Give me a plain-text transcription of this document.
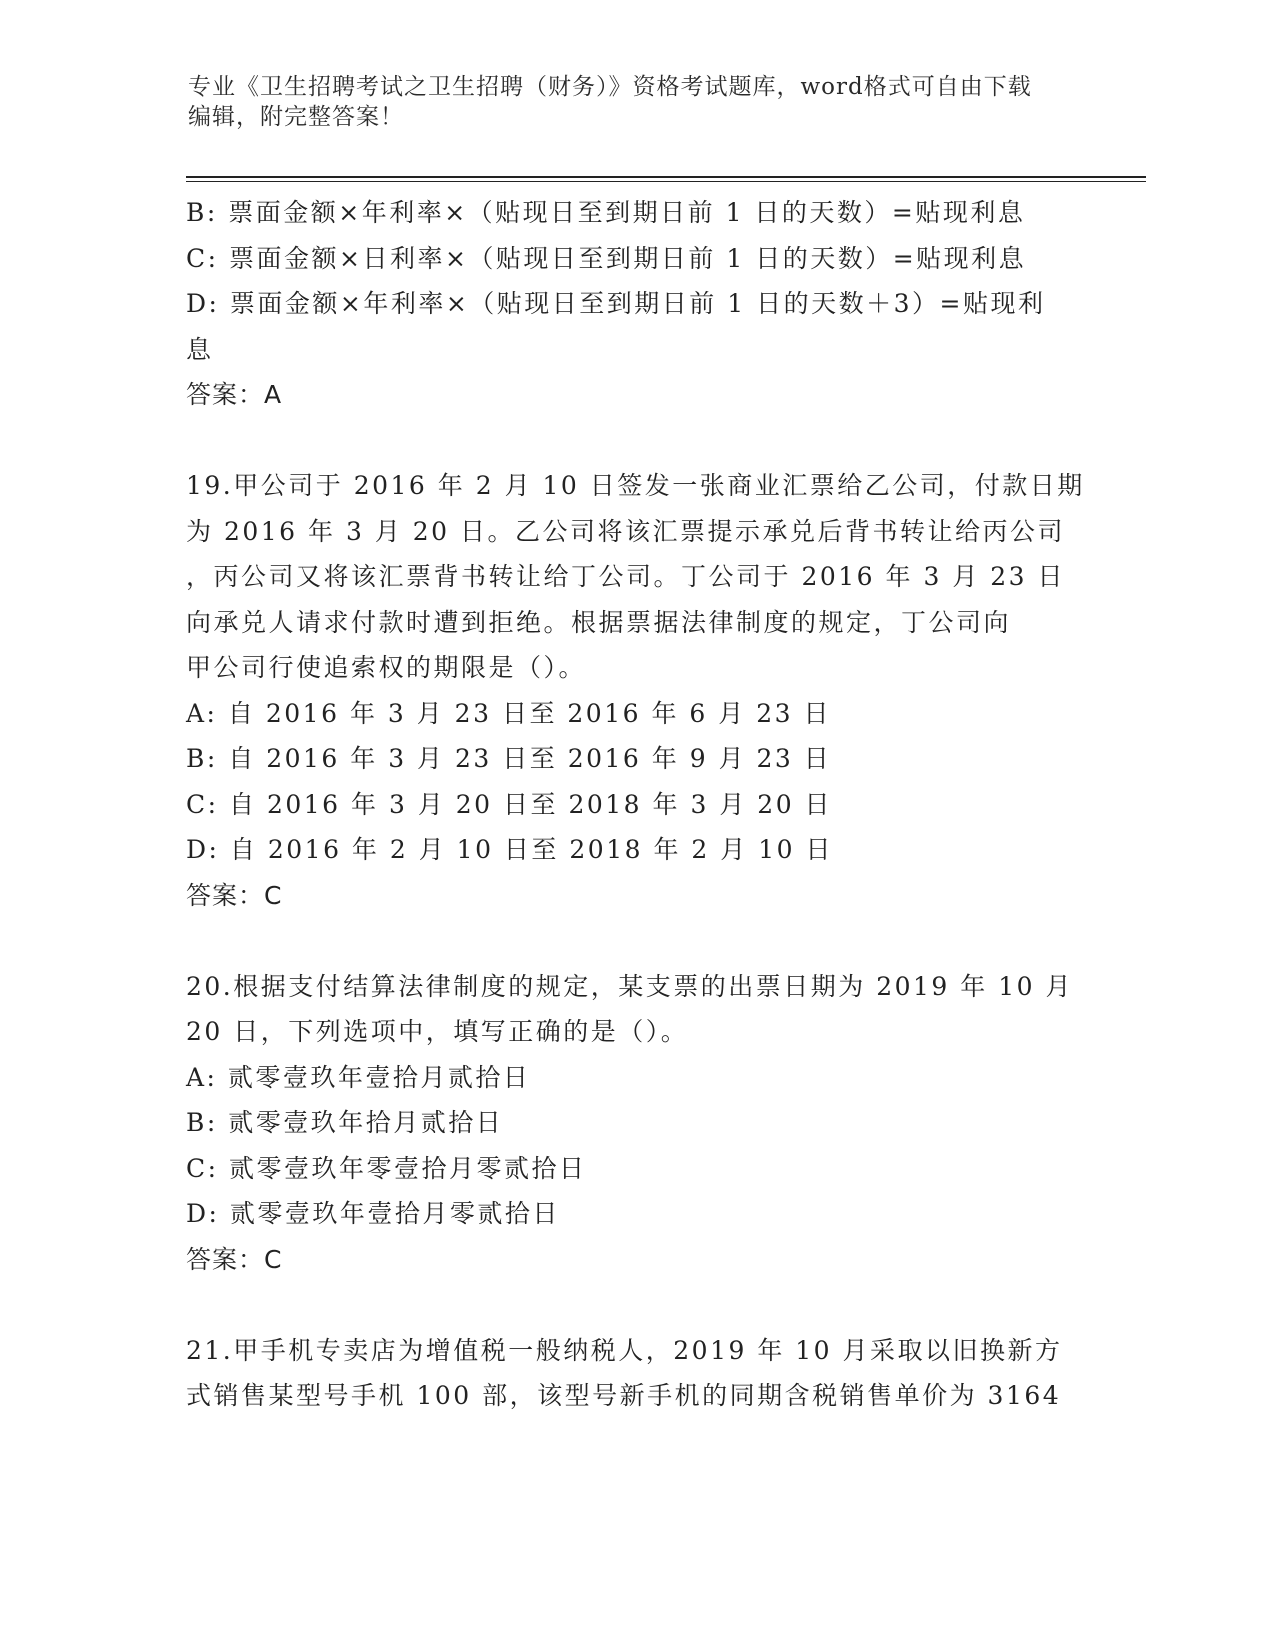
专业《卫生招聘考试之卫生招聘（财务）》资格考试题库，word格式可自由下载
编辑，附完整答案！
B: 票面金额×年利率×（贴现日至到期日前 1 日的天数）=贴现利息
C: 票面金额×日利率×（贴现日至到期日前 1 日的天数）=贴现利息
D: 票面金额×年利率×（贴现日至到期日前 1 日的天数＋3）=贴现利
息
答案：A
19.甲公司于 2016 年 2 月 10 日签发一张商业汇票给乙公司，付款日期
为 2016 年 3 月 20 日。乙公司将该汇票提示承兑后背书转让给丙公司
，丙公司又将该汇票背书转让给丁公司。丁公司于 2016 年 3 月 23 日
向承兑人请求付款时遭到拒绝。根据票据法律制度的规定，丁公司向
甲公司行使追索权的期限是（）。
A: 自 2016 年 3 月 23 日至 2016 年 6 月 23 日
B: 自 2016 年 3 月 23 日至 2016 年 9 月 23 日
C: 自 2016 年 3 月 20 日至 2018 年 3 月 20 日
D: 自 2016 年 2 月 10 日至 2018 年 2 月 10 日
答案：C
20.根据支付结算法律制度的规定，某支票的出票日期为 2019 年 10 月
20 日，下列选项中，填写正确的是（）。
A: 贰零壹玖年壹拾月贰拾日
B: 贰零壹玖年拾月贰拾日
C: 贰零壹玖年零壹拾月零贰拾日
D: 贰零壹玖年壹拾月零贰拾日
答案：C
21.甲手机专卖店为增值税一般纳税人，2019 年 10 月采取以旧换新方
式销售某型号手机 100 部，该型号新手机的同期含税销售单价为 3164
